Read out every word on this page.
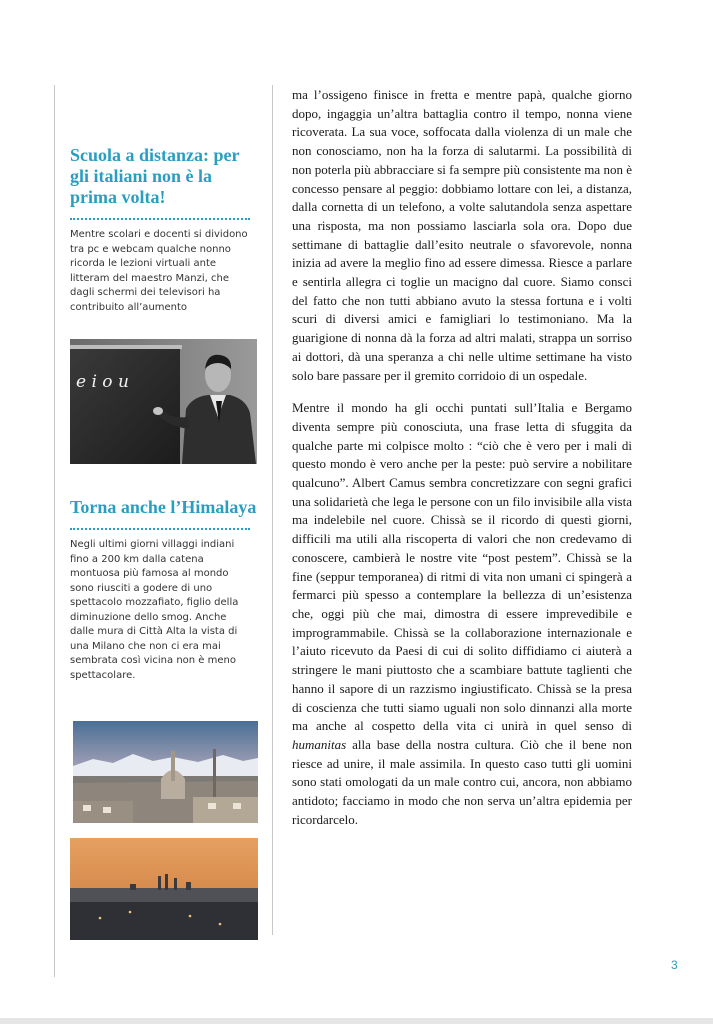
Scuola a distanza: per gli italiani non è la prima volta!

Mentre scolari e docenti si dividono tra pc e webcam qualche nonno ricorda le lezioni virtuali ante litteram del maestro Manzi, che dagli schermi dei televisori ha contribuito all’aumento

e i o u
Torna anche l’Himalaya

Negli ultimi giorni villaggi indiani fino a 200 km dalla catena montuosa più famosa al mondo sono riusciti a godere di uno spettacolo mozzafiato, figlio della diminuzione dello smog. Anche dalle mura di Città Alta la vista di una Milano che non ci era mai sembrata così vicina non è meno spettacolare.

ma l’ossigeno finisce in fretta e mentre papà, qualche giorno dopo, ingaggia un’altra battaglia contro il tempo, nonna viene ricoverata. La sua voce, soffocata dalla violenza di un male che non conosciamo, non ha la forza di salutarmi. La possibilità di non poterla più abbracciare si fa sempre più consistente ma non è concesso pensare al peggio: dobbiamo lottare con lei, a distanza, dalla cornetta di un telefono, a volte salutandola senza aspettare una risposta, ma non possiamo lasciarla sola ora. Dopo due settimane di battaglie dall’esito neutrale o sfavorevole, nonna inizia ad avere la meglio fino ad essere dimessa. Riesce a parlare e sentirla allegra ci toglie un macigno dal cuore. Siamo consci del fatto che non tutti abbiano avuto la stessa fortuna e i volti scuri di diversi amici e famigliari lo testimoniano. Ma la guarigione di nonna dà la forza ad altri malati, strappa un sorriso ai dottori, dà una speranza a chi nelle ultime settimane ha visto solo bare passare per il gremito corridoio di un ospedale.

Mentre il mondo ha gli occhi puntati sull’Italia e Bergamo diventa sempre più conosciuta, una frase letta di sfuggita da qualche parte mi colpisce molto : “ciò che è vero per i mali di questo mondo è vero anche per la peste: può servire a nobilitare qualcuno”. Albert Camus sembra concretizzare con segni grafici una solidarietà che lega le persone con un filo invisibile alla vista ma indelebile nel cuore. Chissà se il ricordo di questi giorni, difficili ma utili alla riscoperta di valori che non credevamo di conoscere, cambierà le nostre vite “post pestem”. Chissà se la fine (seppur temporanea) di ritmi di vita non umani ci spingerà a fermarci più spesso a contemplare la bellezza di un’esistenza che, oggi più che mai, dimostra di essere imprevedibile e improgrammabile. Chissà se la collaborazione internazionale e l’aiuto ricevuto da Paesi di cui di solito diffidiamo ci aiuterà a stringere le mani piuttosto che a scambiare battute taglienti che hanno il sapore di un razzismo ingiustificato. Chissà se la presa di coscienza che tutti siamo uguali non solo dinnanzi alla morte ma anche al cospetto della vita ci unirà in quel senso di humanitas alla base della nostra cultura. Ciò che il bene non riesce ad unire, il male assimila. In questo caso tutti gli uomini sono stati omologati da un male contro cui, ancora, non abbiamo antidoto; facciamo in modo che non serva un’altra epidemia per ricordarcelo.

3
